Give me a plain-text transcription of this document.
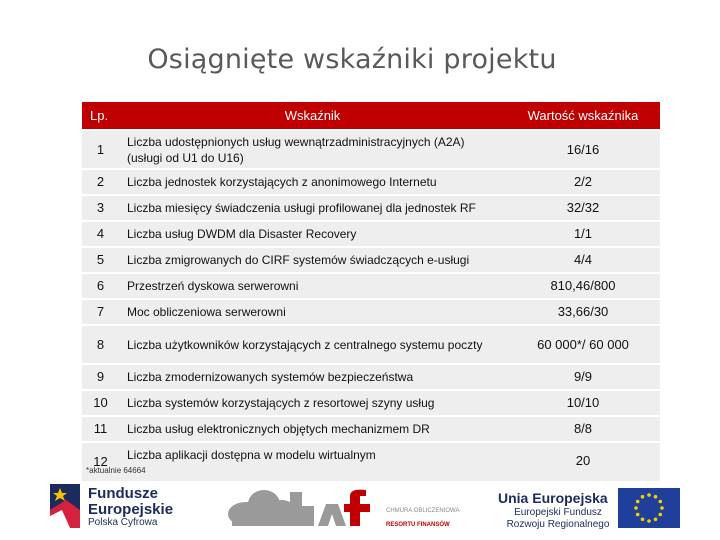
Osiągnięte wskaźniki projektu
Lp.	Wskaźnik	Wartość wskaźnika
1	Liczba udostępnionych usług wewnątrzadministracyjnych (A2A) (usługi od U1 do U16)	16/16
2	Liczba jednostek korzystających z anonimowego Internetu	2/2
3	Liczba miesięcy świadczenia usługi profilowanej dla jednostek RF	32/32
4	Liczba usług DWDM dla Disaster Recovery	1/1
5	Liczba zmigrowanych do CIRF systemów świadczących e-usługi	4/4
6	Przestrzeń dyskowa serwerowni	810,46/800
7	Moc obliczeniowa serwerowni	33,66/30
8	Liczba użytkowników korzystających z centralnego systemu poczty	60 000*/ 60 000
9	Liczba zmodernizowanych systemów bezpieczeństwa	9/9
10	Liczba systemów korzystających z resortowej szyny usług	10/10
11	Liczba usług elektronicznych objętych mechanizmem DR	8/8
12	Liczba aplikacji dostępna w modelu wirtualnym	20
*aktualnie 64664
Fundusze
Europejskie
Polska Cyfrowa
CHMURA OBLICZENIOWA
RESORTU FINANSÓW
Unia Europejska
Europejski Fundusz
Rozwoju Regionalnego
